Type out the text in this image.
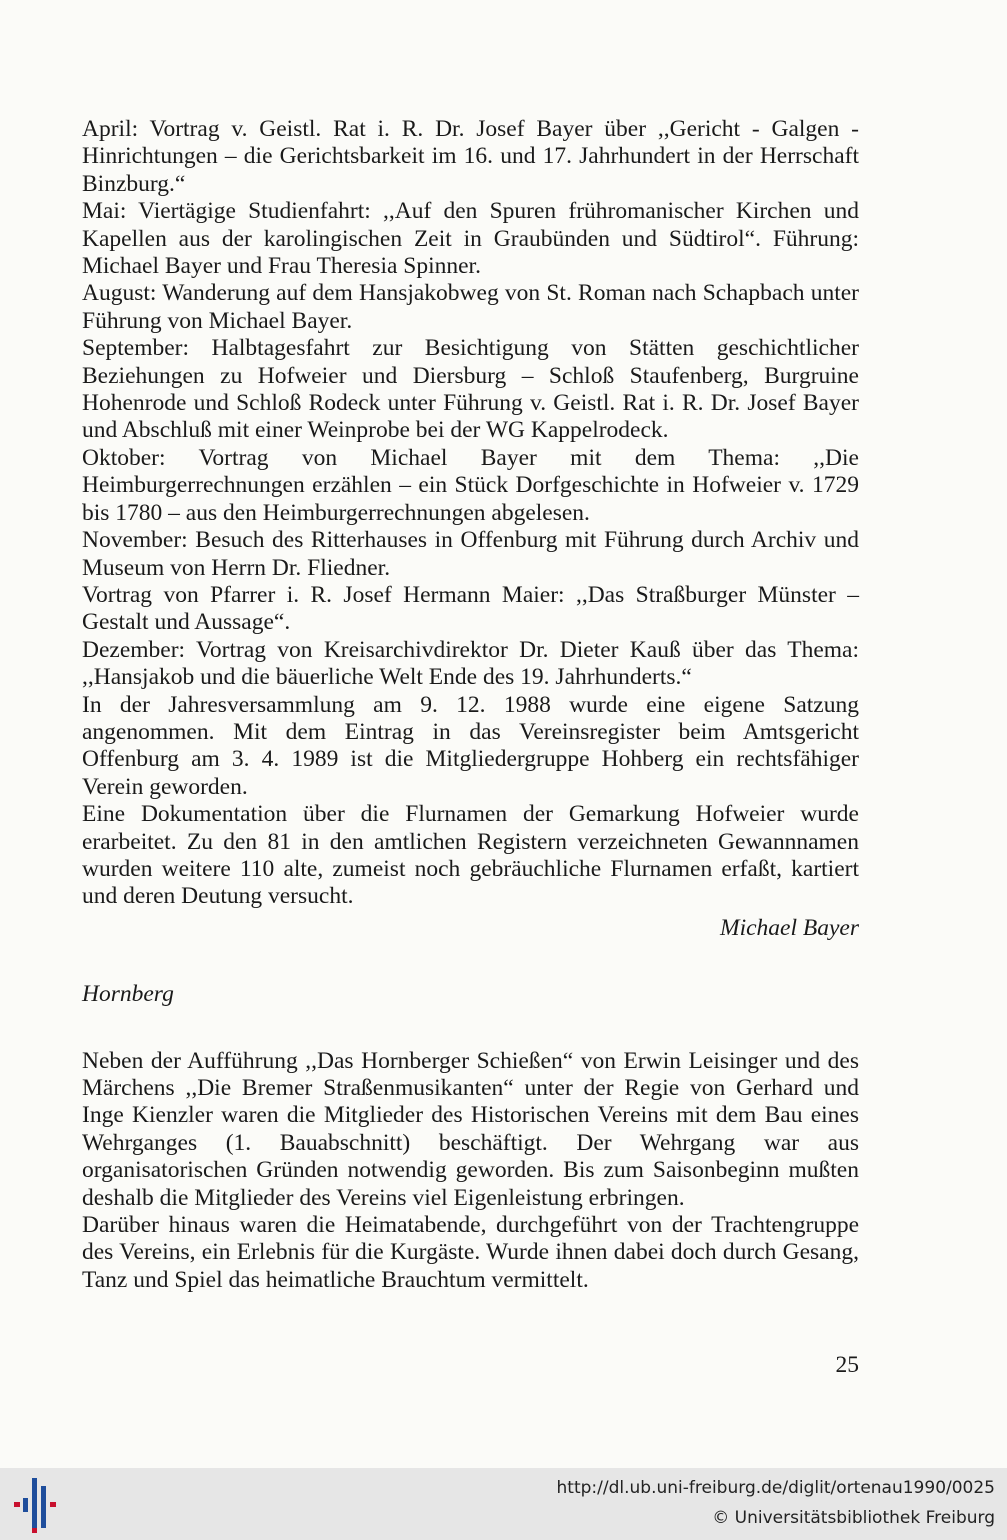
April: Vortrag v. Geistl. Rat i. R. Dr. Josef Bayer über ,,Gericht - Galgen - Hinrichtungen – die Gerichtsbarkeit im 16. und 17. Jahrhundert in der Herrschaft Binzburg.“

Mai: Viertägige Studienfahrt: ,,Auf den Spuren frühromanischer Kirchen und Kapellen aus der karolingischen Zeit in Graubünden und Südtirol“. Führung: Michael Bayer und Frau Theresia Spinner.

August: Wanderung auf dem Hansjakobweg von St. Roman nach Schapbach unter Führung von Michael Bayer.

September: Halbtagesfahrt zur Besichtigung von Stätten geschichtlicher Beziehungen zu Hofweier und Diersburg – Schloß Staufenberg, Burgruine Hohenrode und Schloß Rodeck unter Führung v. Geistl. Rat i. R. Dr. Josef Bayer und Abschluß mit einer Weinprobe bei der WG Kappelrodeck.

Oktober: Vortrag von Michael Bayer mit dem Thema: ,,Die Heimburgerrechnungen erzählen – ein Stück Dorfgeschichte in Hofweier v. 1729 bis 1780 – aus den Heimburgerrechnungen abgelesen.

November: Besuch des Ritterhauses in Offenburg mit Führung durch Archiv und Museum von Herrn Dr. Fliedner.

Vortrag von Pfarrer i. R. Josef Hermann Maier: ,,Das Straßburger Münster – Gestalt und Aussage“.

Dezember: Vortrag von Kreisarchivdirektor Dr. Dieter Kauß über das Thema: ,,Hansjakob und die bäuerliche Welt Ende des 19. Jahrhunderts.“

In der Jahresversammlung am 9. 12. 1988 wurde eine eigene Satzung angenommen. Mit dem Eintrag in das Vereinsregister beim Amtsgericht Offenburg am 3. 4. 1989 ist die Mitgliedergruppe Hohberg ein rechtsfähiger Verein geworden.

Eine Dokumentation über die Flurnamen der Gemarkung Hofweier wurde erarbeitet. Zu den 81 in den amtlichen Registern verzeichneten Gewannnamen wurden weitere 110 alte, zumeist noch gebräuchliche Flurnamen erfaßt, kartiert und deren Deutung versucht.

Michael Bayer

Hornberg

Neben der Aufführung ,,Das Hornberger Schießen“ von Erwin Leisinger und des Märchens ,,Die Bremer Straßenmusikanten“ unter der Regie von Gerhard und Inge Kienzler waren die Mitglieder des Historischen Vereins mit dem Bau eines Wehrganges (1. Bauabschnitt) beschäftigt. Der Wehrgang war aus organisatorischen Gründen notwendig geworden. Bis zum Saisonbeginn mußten deshalb die Mitglieder des Vereins viel Eigenleistung erbringen.

Darüber hinaus waren die Heimatabende, durchgeführt von der Trachtengruppe des Vereins, ein Erlebnis für die Kurgäste. Wurde ihnen dabei doch durch Gesang, Tanz und Spiel das heimatliche Brauchtum vermittelt.

25
http://dl.ub.uni-freiburg.de/diglit/ortenau1990/0025
© Universitätsbibliothek Freiburg
